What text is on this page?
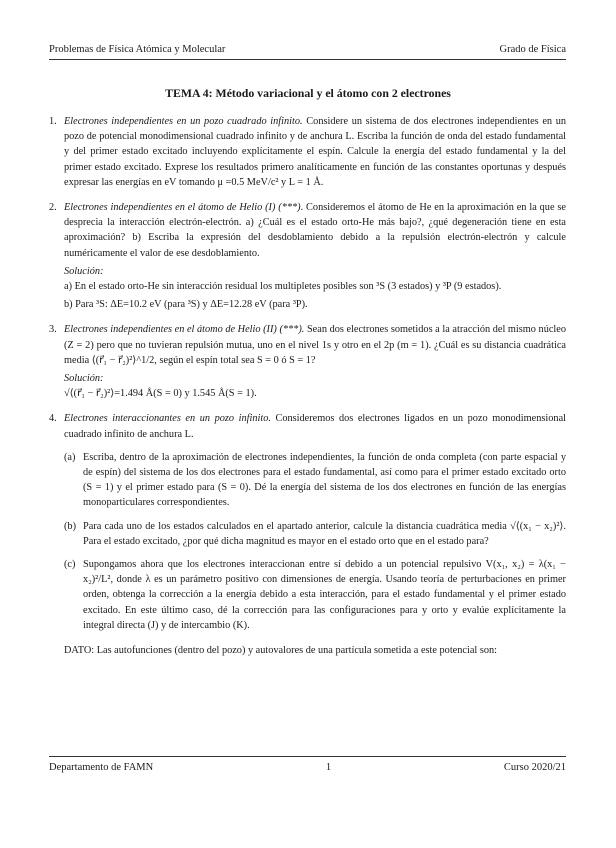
Problemas de Física Atómica y Molecular	Grado de Física
TEMA 4: Método variacional y el átomo con 2 electrones
1. Electrones independientes en un pozo cuadrado infinito. Considere un sistema de dos electrones independientes en un pozo de potencial monodimensional cuadrado infinito y de anchura L. Escriba la función de onda del estado fundamental y del primer estado excitado incluyendo explícitamente el espín. Calcule la energía del estado fundamental y la del primer estado excitado. Exprese los resultados primero analíticamente en función de las constantes oportunas y después expresar las energías en eV tomando μ =0.5 MeV/c² y L = 1 Å.
2. Electrones independientes en el átomo de Helio (I) (***). Consideremos el átomo de He en la aproximación en la que se desprecia la interacción electrón-electrón. a) ¿Cuál es el estado orto-He más bajo?, ¿qué degeneración tiene en esta aproximación? b) Escriba la expresión del desdoblamiento debido a la repulsión electrón-electrón y calcule numéricamente el valor de ese desdoblamiento.

Solución:

a) En el estado orto-He sin interacción residual los multipletes posibles son ³S (3 estados) y ³P (9 estados).

b) Para ³S: ΔE=10.2 eV (para ³S) y ΔE=12.28 eV (para ³P).

3. Electrones independientes en el átomo de Helio (II) (***). Sean dos electrones sometidos a la atracción del mismo núcleo (Z = 2) pero que no tuvieran repulsión mutua, uno en el nivel 1s y otro en el 2p (m = 1). ¿Cuál es su distancia cuadrática media ⟨(r⃗₁ − r⃗₂)²⟩^1/2, según el espín total sea S = 0 ó S = 1?

Solución:

√⟨(r⃗₁ − r⃗₂)²⟩=1.494 Å(S = 0) y 1.545 Å(S = 1).

4. Electrones interaccionantes en un pozo infinito. Consideremos dos electrones ligados en un pozo monodimensional cuadrado infinito de anchura L.
(a) Escriba, dentro de la aproximación de electrones independientes, la función de onda completa (con parte espacial y de espín) del sistema de los dos electrones para el estado fundamental, así como para el primer estado excitado orto (S = 1) y el primer estado para (S = 0). Dé la energía del sistema de los dos electrones en función de las energías monoparticulares correspondientes.
(b) Para cada uno de los estados calculados en el apartado anterior, calcule la distancia cuadrática media √⟨(x₁ − x₂)²⟩. Para el estado excitado, ¿por qué dicha magnitud es mayor en el estado orto que en el estado para?
(c) Supongamos ahora que los electrones interaccionan entre sí debido a un potencial repulsivo V(x₁, x₂) = λ(x₁ − x₂)²/L², donde λ es un parámetro positivo con dimensiones de energía. Usando teoría de perturbaciones en primer orden, obtenga la corrección a la energía debido a esta interacción, para el estado fundamental y el primer estado excitado. En este último caso, dé la corrección para las configuraciones para y orto y evalúe explícitamente la integral directa (J) y de intercambio (K).
DATO: Las autofunciones (dentro del pozo) y autovalores de una partícula sometida a este potencial son:
Departamento de FAMN	1	Curso 2020/21
